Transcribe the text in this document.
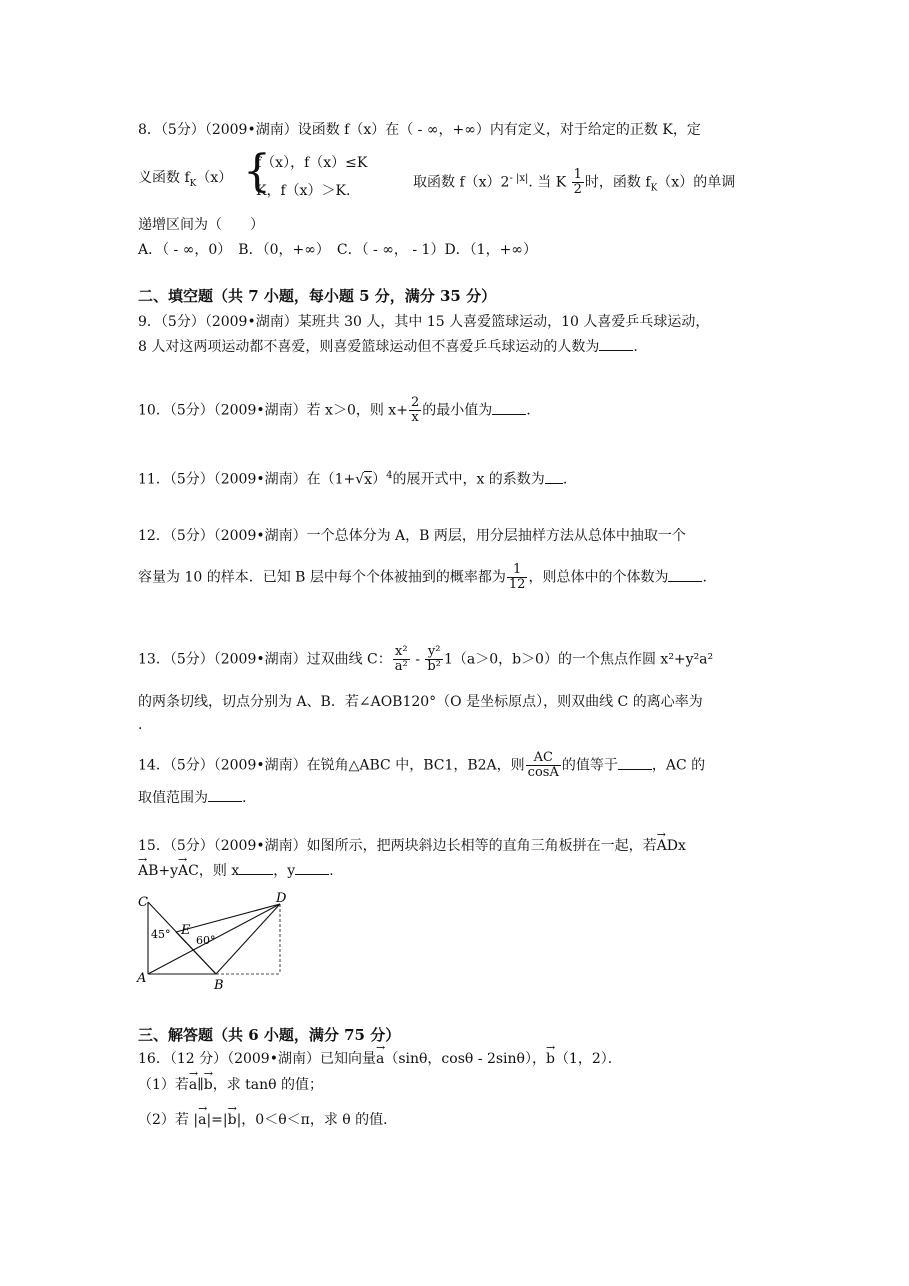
8．（5分）（2009•湖南）设函数 f（x）在（ - ∞，+∞）内有定义，对于给定的正数 K，定
义函数 $f_K(x)$ {
f（x），f（x）≤K
K，f（x）＞K.
取函数 $f(x)2^{- |x|}$. 当 K $\frac{1}{2}$ 时，函数 $f_K(x)$的单调
递增区间为（　　）
A．（ - ∞，0）　B．（0，+∞）　C．（ - ∞， - 1）D．（1，+∞）
二、填空题（共 7 小题，每小题 5 分，满分 35 分）
9．（5分）（2009•湖南）某班共 30 人，其中 15 人喜爱篮球运动，10 人喜爱乒乓球运动，
8 人对这两项运动都不喜爱，则喜爱篮球运动但不喜爱乒乓球运动的人数为 .
10．（5分）（2009•湖南）若 x＞0，则 $x+ \frac{2}{x}$ 的最小值为 .
11．（5分）（2009•湖南）在$(1+√x)^4$的展开式中，x 的系数为 .
12．（5分）（2009•湖南）一个总体分为 A，B 两层，用分层抽样方法从总体中抽取一个
容量为 10 的样本．已知 B 层中每个个体被抽到的概率都为 $\frac{1}{12}$ ，则总体中的个体数为 .
13．（5分）（2009•湖南）过双曲线 C： $\frac{\text{x²}}{\text{a²}} - \frac{\text{y²}}{\text{b²}} 1(a>0$，b＞0）的一个焦点作圆 x²+y²a²
的两条切线，切点分别为 A、B．若∠AOB120°（O 是坐标原点），则双曲线 C 的离心率为
.
14．（5分）（2009•湖南）在锐角△ABC 中，BC1，B2A，则 $\frac{AC}{\cos A}$ 的值等于 ，AC 的
取值范围为 .
15．（5分）（2009•湖南）如图所示，把两块斜边长相等的直角三角板拼在一起，若→ ADx
→ AB+y→ AC，则 x ，y .
C	D
E
A	B
45° 60°
三、解答题（共 6 小题，满分 75 分）
16．（12 分）（2009•湖南）已知向量→ a（sinθ，cosθ - 2sinθ），→ b（1，2）．
（1）若→ a∥→ b，求 tanθ 的值；
（2）若 |→ a|=|→ b|，0＜θ＜π，求 θ 的值．
